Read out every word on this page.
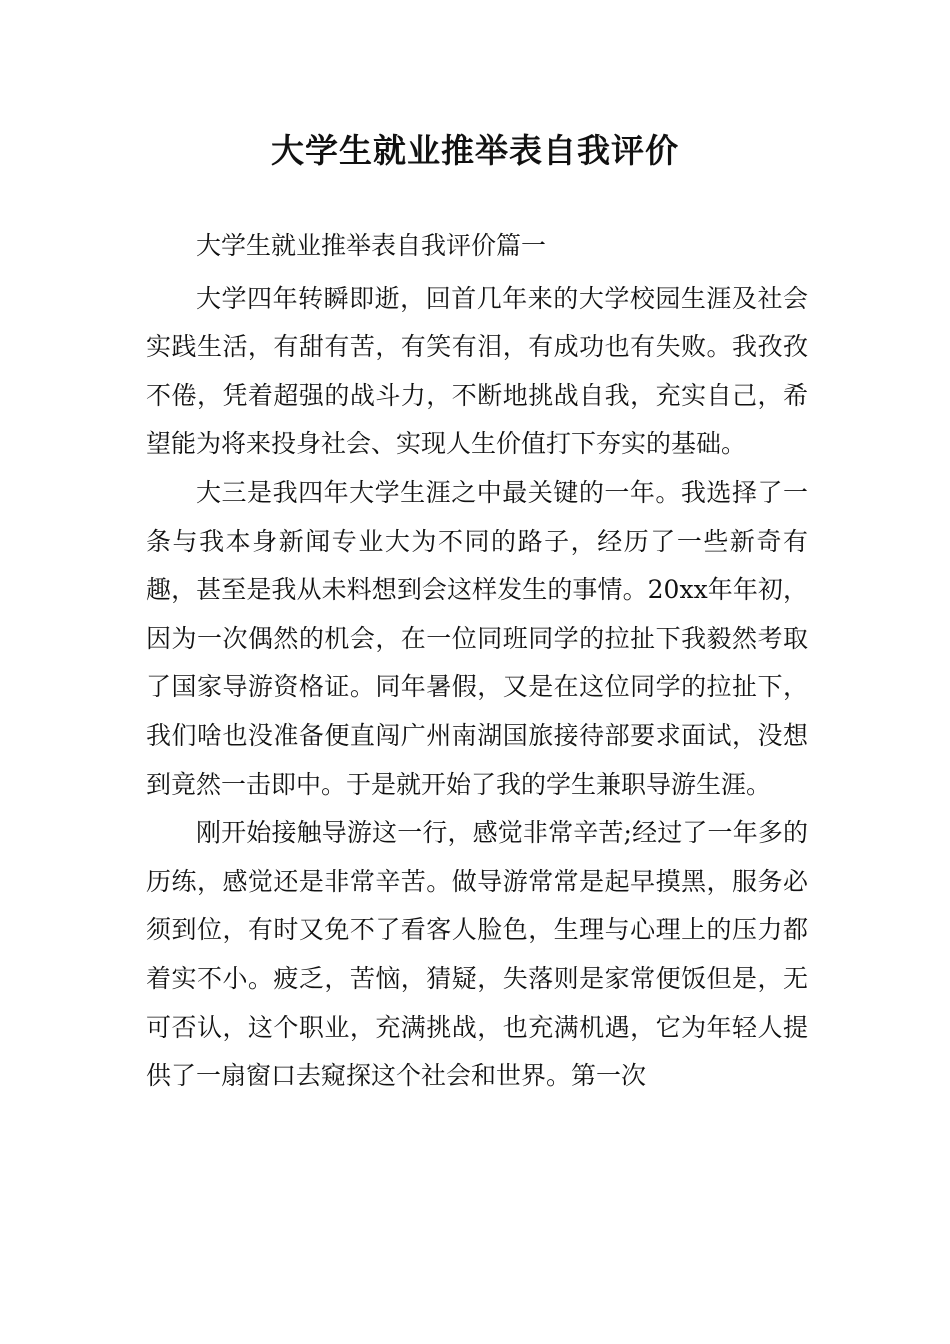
大学生就业推举表自我评价

大学生就业推举表自我评价篇一

大学四年转瞬即逝，回首几年来的大学校园生涯及社会实践生活，有甜有苦，有笑有泪，有成功也有失败。我孜孜不倦，凭着超强的战斗力，不断地挑战自我，充实自己，希望能为将来投身社会、实现人生价值打下夯实的基础。

大三是我四年大学生涯之中最关键的一年。我选择了一条与我本身新闻专业大为不同的路子，经历了一些新奇有趣，甚至是我从未料想到会这样发生的事情。20xx年年初，因为一次偶然的机会，在一位同班同学的拉扯下我毅然考取了国家导游资格证。同年暑假，又是在这位同学的拉扯下，我们啥也没准备便直闯广州南湖国旅接待部要求面试，没想到竟然一击即中。于是就开始了我的学生兼职导游生涯。

刚开始接触导游这一行，感觉非常辛苦;经过了一年多的历练，感觉还是非常辛苦。做导游常常是起早摸黑，服务必须到位，有时又免不了看客人脸色，生理与心理上的压力都着实不小。疲乏，苦恼，猜疑，失落则是家常便饭但是，无可否认，这个职业，充满挑战，也充满机遇，它为年轻人提供了一扇窗口去窥探这个社会和世界。第一次
